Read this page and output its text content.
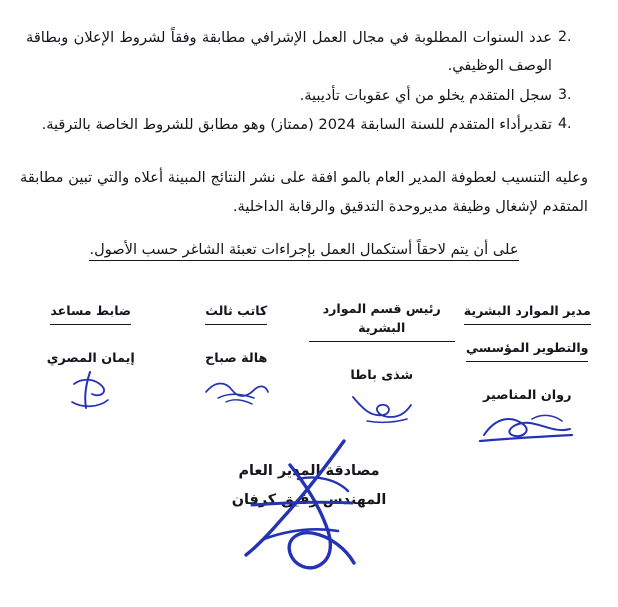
2.
عدد السنوات المطلوبة في مجال العمل الإشرافي مطابقة وفقاً لشروط الإعلان وبطاقة الوصف الوظيفي.
3.
سجل المتقدم يخلو من أي عقوبات تأديبية.
4.
تقديرأداء المتقدم للسنة السابقة 2024 (ممتاز) وهو مطابق للشروط الخاصة بالترقية.

وعليه التنسيب لعطوفة المدير العام بالمو افقة على نشر النتائج المبينة أعلاه والتي تبين مطابقة المتقدم لإشغال وظيفة مديروحدة التدقيق والرقابة الداخلية.

على أن يتم لاحقاً أستكمال العمل بإجراءات تعبئة الشاغر حسب الأصول.

مدير الموارد البشرية
والتطوير المؤسسي
روان المناصير
رئيس قسم الموارد البشرية
شذى باطا
كاتب ثالث
هالة صباح
ضابط مساعد
إيمان المصري
مصادقة المدير العام
المهندس رفيق كرفان
